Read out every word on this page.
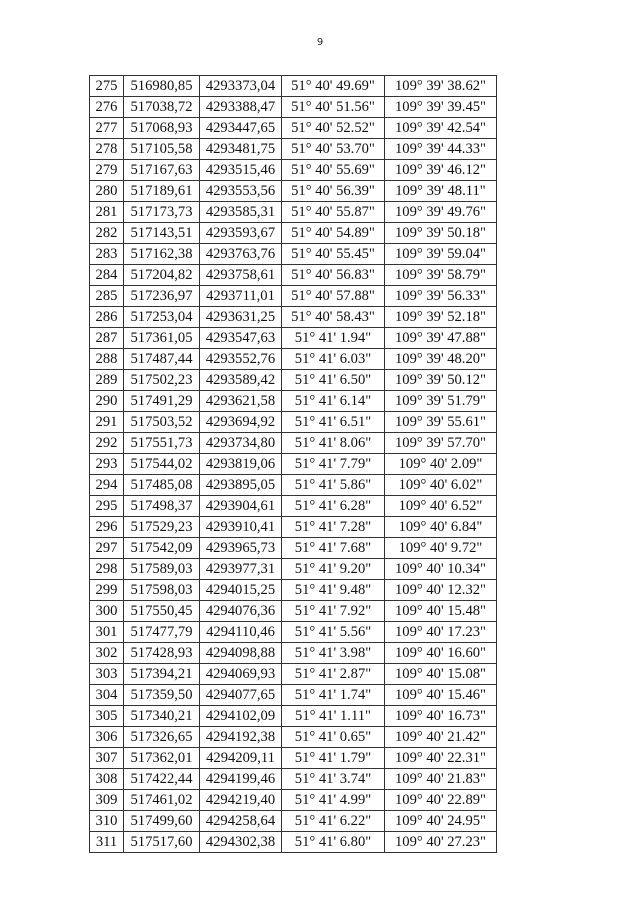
9
275	516980,85	4293373,04	51° 40' 49.69"	109° 39' 38.62"
276	517038,72	4293388,47	51° 40' 51.56"	109° 39' 39.45"
277	517068,93	4293447,65	51° 40' 52.52"	109° 39' 42.54"
278	517105,58	4293481,75	51° 40' 53.70"	109° 39' 44.33"
279	517167,63	4293515,46	51° 40' 55.69"	109° 39' 46.12"
280	517189,61	4293553,56	51° 40' 56.39"	109° 39' 48.11"
281	517173,73	4293585,31	51° 40' 55.87"	109° 39' 49.76"
282	517143,51	4293593,67	51° 40' 54.89"	109° 39' 50.18"
283	517162,38	4293763,76	51° 40' 55.45"	109° 39' 59.04"
284	517204,82	4293758,61	51° 40' 56.83"	109° 39' 58.79"
285	517236,97	4293711,01	51° 40' 57.88"	109° 39' 56.33"
286	517253,04	4293631,25	51° 40' 58.43"	109° 39' 52.18"
287	517361,05	4293547,63	51° 41' 1.94"	109° 39' 47.88"
288	517487,44	4293552,76	51° 41' 6.03"	109° 39' 48.20"
289	517502,23	4293589,42	51° 41' 6.50"	109° 39' 50.12"
290	517491,29	4293621,58	51° 41' 6.14"	109° 39' 51.79"
291	517503,52	4293694,92	51° 41' 6.51"	109° 39' 55.61"
292	517551,73	4293734,80	51° 41' 8.06"	109° 39' 57.70"
293	517544,02	4293819,06	51° 41' 7.79"	109° 40' 2.09"
294	517485,08	4293895,05	51° 41' 5.86"	109° 40' 6.02"
295	517498,37	4293904,61	51° 41' 6.28"	109° 40' 6.52"
296	517529,23	4293910,41	51° 41' 7.28"	109° 40' 6.84"
297	517542,09	4293965,73	51° 41' 7.68"	109° 40' 9.72"
298	517589,03	4293977,31	51° 41' 9.20"	109° 40' 10.34"
299	517598,03	4294015,25	51° 41' 9.48"	109° 40' 12.32"
300	517550,45	4294076,36	51° 41' 7.92"	109° 40' 15.48"
301	517477,79	4294110,46	51° 41' 5.56"	109° 40' 17.23"
302	517428,93	4294098,88	51° 41' 3.98"	109° 40' 16.60"
303	517394,21	4294069,93	51° 41' 2.87"	109° 40' 15.08"
304	517359,50	4294077,65	51° 41' 1.74"	109° 40' 15.46"
305	517340,21	4294102,09	51° 41' 1.11"	109° 40' 16.73"
306	517326,65	4294192,38	51° 41' 0.65"	109° 40' 21.42"
307	517362,01	4294209,11	51° 41' 1.79"	109° 40' 22.31"
308	517422,44	4294199,46	51° 41' 3.74"	109° 40' 21.83"
309	517461,02	4294219,40	51° 41' 4.99"	109° 40' 22.89"
310	517499,60	4294258,64	51° 41' 6.22"	109° 40' 24.95"
311	517517,60	4294302,38	51° 41' 6.80"	109° 40' 27.23"
